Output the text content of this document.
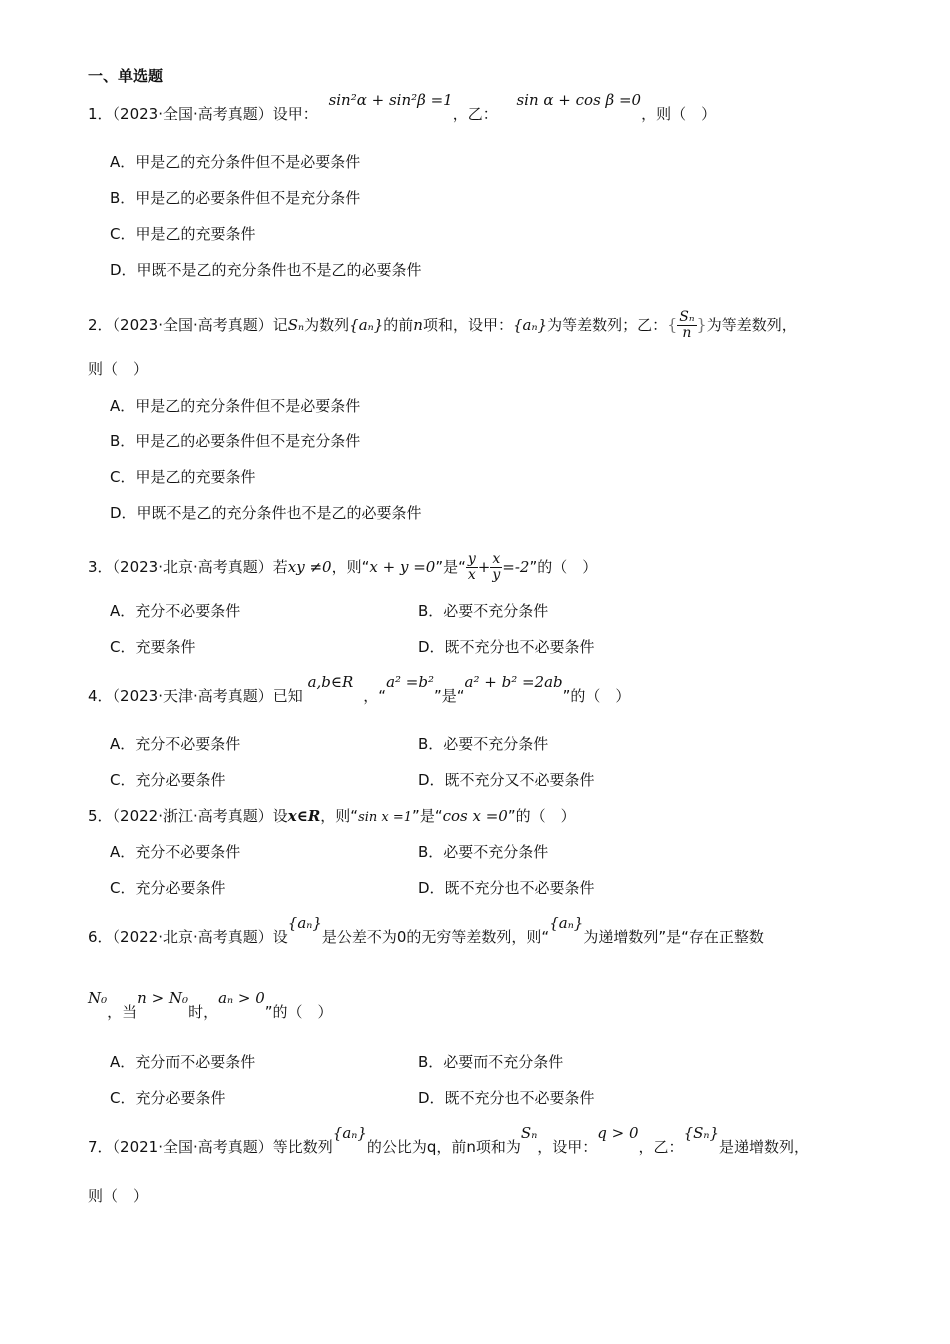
一、单选题
1．（2023·全国·高考真题）设甲： sin²α + sin²β =1，乙： sin α + cos β =0，则（　）
A．甲是乙的充分条件但不是必要条件
B．甲是乙的必要条件但不是充分条件
C．甲是乙的充要条件
D．甲既不是乙的充分条件也不是乙的必要条件
2．（2023·全国·高考真题）记Sₙ为数列{aₙ}的前n项和，设甲：{aₙ}为等差数列；乙：{ $\frac{\text{Sₙ}}{n}$ }为等差数列，
则（　）
A．甲是乙的充分条件但不是必要条件
B．甲是乙的必要条件但不是充分条件
C．甲是乙的充要条件
D．甲既不是乙的充分条件也不是乙的必要条件
3．（2023·北京·高考真题）若xy ≠0，则“x + y =0”是“ $\frac{y}{x} + \frac{x}{y} =-2$”的（　）
A．充分不必要条件	B．必要不充分条件
C．充要条件	D．既不充分也不必要条件
4．（2023·天津·高考真题）已知 a,b∈R，“a² =b²”是“a² + b² =2ab”的（　）
A．充分不必要条件	B．必要不充分条件
C．充分必要条件	D．既不充分又不必要条件
5．（2022·浙江·高考真题）设x∈R，则“sin x =1”是“cos x =0”的（　）
A．充分不必要条件	B．必要不充分条件
C．充分必要条件	D．既不充分也不必要条件
6．（2022·北京·高考真题）设{aₙ}是公差不为0的无穷等差数列，则“{aₙ}为递增数列”是“存在正整数
N₀，当n > N₀时，aₙ > 0”的（　）
A．充分而不必要条件	B．必要而不充分条件
C．充分必要条件	D．既不充分也不必要条件
7．（2021·全国·高考真题）等比数列{aₙ}的公比为q，前n项和为Sₙ，设甲：q > 0，乙：{Sₙ}是递增数列，
则（　）
